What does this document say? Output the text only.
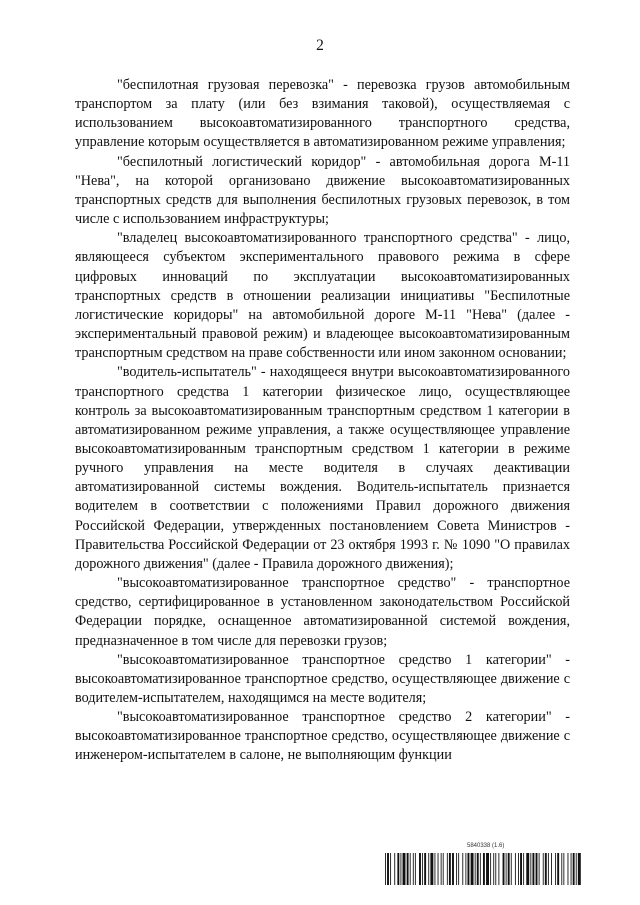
2

"беспилотная грузовая перевозка" - перевозка грузов автомобильным транспортом за плату (или без взимания таковой), осуществляемая с использованием высокоавтоматизированного транспортного средства, управление которым осуществляется в автоматизированном режиме управления;

"беспилотный логистический коридор" - автомобильная дорога М-11 "Нева", на которой организовано движение высокоавтоматизированных транспортных средств для выполнения беспилотных грузовых перевозок, в том числе с использованием инфраструктуры;

"владелец высокоавтоматизированного транспортного средства" - лицо, являющееся субъектом экспериментального правового режима в сфере цифровых инноваций по эксплуатации высокоавтоматизированных транспортных средств в отношении реализации инициативы "Беспилотные логистические коридоры" на автомобильной дороге М-11 "Нева" (далее - экспериментальный правовой режим) и владеющее высокоавтоматизированным транспортным средством на праве собственности или ином законном основании;

"водитель-испытатель" - находящееся внутри высокоавтоматизированного транспортного средства 1 категории физическое лицо, осуществляющее контроль за высокоавтоматизированным транспортным средством 1 категории в автоматизированном режиме управления, а также осуществляющее управление высокоавтоматизированным транспортным средством 1 категории в режиме ручного управления на месте водителя в случаях деактивации автоматизированной системы вождения. Водитель-испытатель признается водителем в соответствии с положениями Правил дорожного движения Российской Федерации, утвержденных постановлением Совета Министров - Правительства Российской Федерации от 23 октября 1993 г. № 1090 "О правилах дорожного движения" (далее - Правила дорожного движения);

"высокоавтоматизированное транспортное средство" - транспортное средство, сертифицированное в установленном законодательством Российской Федерации порядке, оснащенное автоматизированной системой вождения, предназначенное в том числе для перевозки грузов;

"высокоавтоматизированное транспортное средство 1 категории" - высокоавтоматизированное транспортное средство, осуществляющее движение с водителем-испытателем, находящимся на месте водителя;

"высокоавтоматизированное транспортное средство 2 категории" - высокоавтоматизированное транспортное средство, осуществляющее движение с инженером-испытателем в салоне, не выполняющим функции

5840338 (1.6)
